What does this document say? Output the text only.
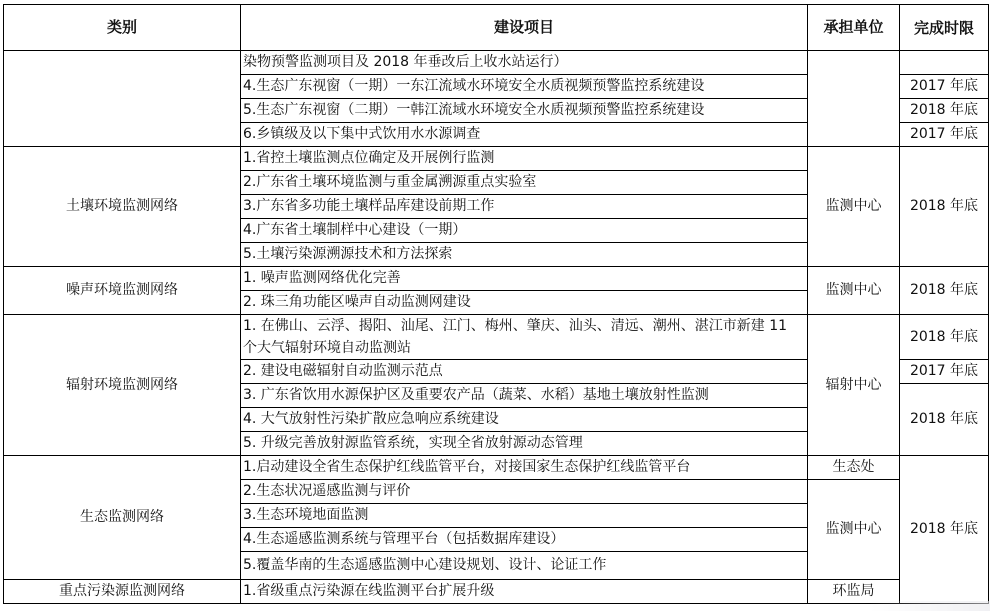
类别	建设项目	承担单位	完成时限
	染物预警监测项目及 2018 年垂改后上收水站运行）		
	4.生态广东视窗（一期）一东江流域水环境安全水质视频预警监控系统建设		2017 年底
	5.生态广东视窗（二期）一韩江流域水环境安全水质视频预警监控系统建设		2018 年底
	6.乡镇级及以下集中式饮用水水源调查		2017 年底
土壤环境监测网络	1.省控土壤监测点位确定及开展例行监测	监测中心	2018 年底
	2.广东省土壤环境监测与重金属溯源重点实验室		
	3.广东省多功能土壤样品库建设前期工作		
	4.广东省土壤制样中心建设（一期）		
	5.土壤污染源溯源技术和方法探索		
噪声环境监测网络	1. 噪声监测网络优化完善	监测中心	2018 年底
	2. 珠三角功能区噪声自动监测网建设		
辐射环境监测网络	1. 在佛山、云浮、揭阳、汕尾、江门、梅州、肇庆、汕头、清远、潮州、湛江市新建 11 个大气辐射环境自动监测站	辐射中心	2018 年底
	2. 建设电磁辐射自动监测示范点		2017 年底
	3. 广东省饮用水源保护区及重要农产品（蔬菜、水稻）基地土壤放射性监测		2018 年底
	4. 大气放射性污染扩散应急响应系统建设		
	5. 升级完善放射源监管系统，实现全省放射源动态管理		
生态监测网络	1.启动建设全省生态保护红线监管平台，对接国家生态保护红线监管平台	生态处	2018 年底
	2.生态状况遥感监测与评价	监测中心	
	3.生态环境地面监测		
	4.生态遥感监测系统与管理平台（包括数据库建设）		
	5.覆盖华南的生态遥感监测中心建设规划、设计、论证工作		
重点污染源监测网络	1.省级重点污染源在线监测平台扩展升级	环监局	
